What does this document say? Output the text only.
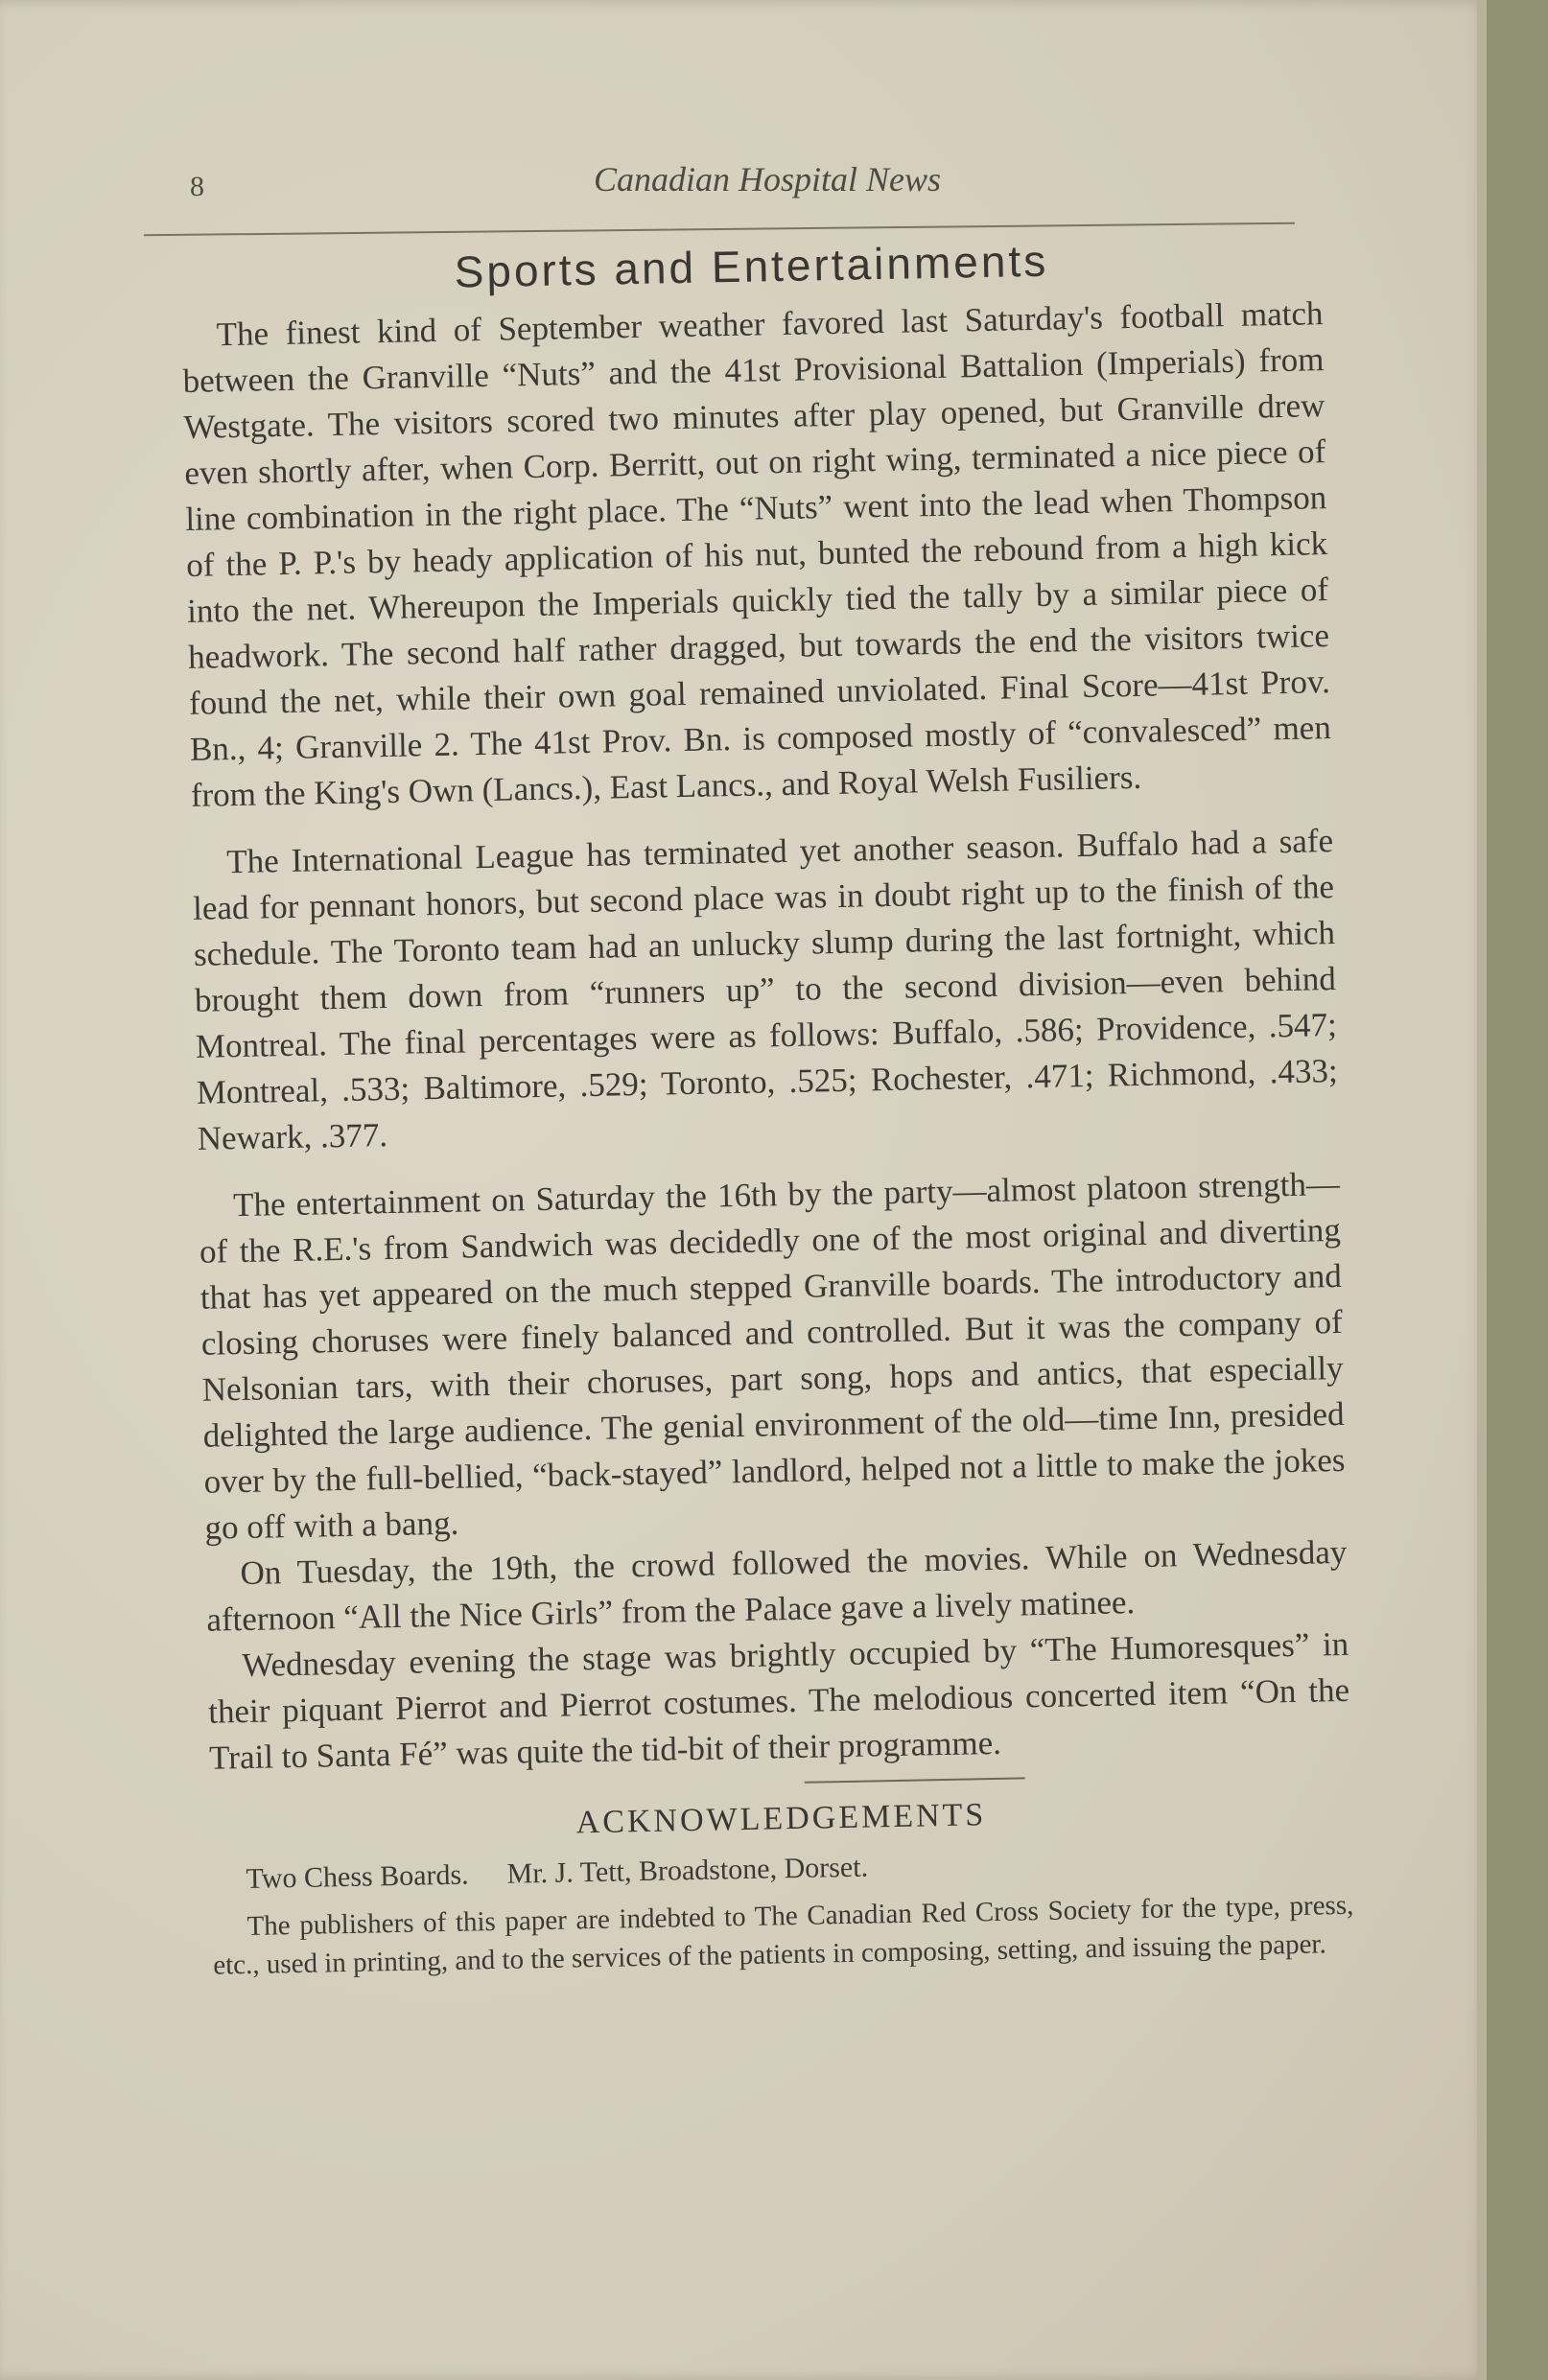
8	Canadian Hospital News
Sports and Entertainments

The finest kind of September weather favored last Saturday's football match between the Granville “Nuts” and the 41st Provisional Battalion (Imperials) from Westgate. The visitors scored two minutes after play opened, but Granville drew even shortly after, when Corp. Berritt, out on right wing, terminated a nice piece of line combination in the right place. The “Nuts” went into the lead when Thompson of the P. P.'s by heady application of his nut, bunted the rebound from a high kick into the net. Whereupon the Imperials quickly tied the tally by a similar piece of headwork. The second half rather dragged, but towards the end the visitors twice found the net, while their own goal remained unviolated. Final Score—41st Prov. Bn., 4; Granville 2. The 41st Prov. Bn. is composed mostly of “convalesced” men from the King's Own (Lancs.), East Lancs., and Royal Welsh Fusiliers.

The International League has terminated yet another season. Buffalo had a safe lead for pennant honors, but second place was in doubt right up to the finish of the schedule. The Toronto team had an unlucky slump during the last fortnight, which brought them down from “runners up” to the second division—even behind Montreal. The final percentages were as follows: Buffalo, .586; Providence, .547; Montreal, .533; Baltimore, .529; Toronto, .525; Rochester, .471; Richmond, .433; Newark, .377.

The entertainment on Saturday the 16th by the party—almost platoon strength—of the R.E.'s from Sandwich was decidedly one of the most original and diverting that has yet appeared on the much stepped Granville boards. The introductory and closing choruses were finely balanced and controlled. But it was the company of Nelsonian tars, with their choruses, part song, hops and antics, that especially delighted the large audience. The genial environment of the old—time Inn, presided over by the full-bellied, “back-stayed” landlord, helped not a little to make the jokes go off with a bang.

On Tuesday, the 19th, the crowd followed the movies. While on Wednesday afternoon “All the Nice Girls” from the Palace gave a lively matinee.

Wednesday evening the stage was brightly occupied by “The Humoresques” in their piquant Pierrot and Pierrot costumes. The melodious concerted item “On the Trail to Santa Fé” was quite the tid-bit of their programme.

ACKNOWLEDGEMENTS

Two Chess Boards. Mr. J. Tett, Broadstone, Dorset.

The publishers of this paper are indebted to The Canadian Red Cross Society for the type, press, etc., used in printing, and to the services of the patients in composing, setting, and issuing the paper.
